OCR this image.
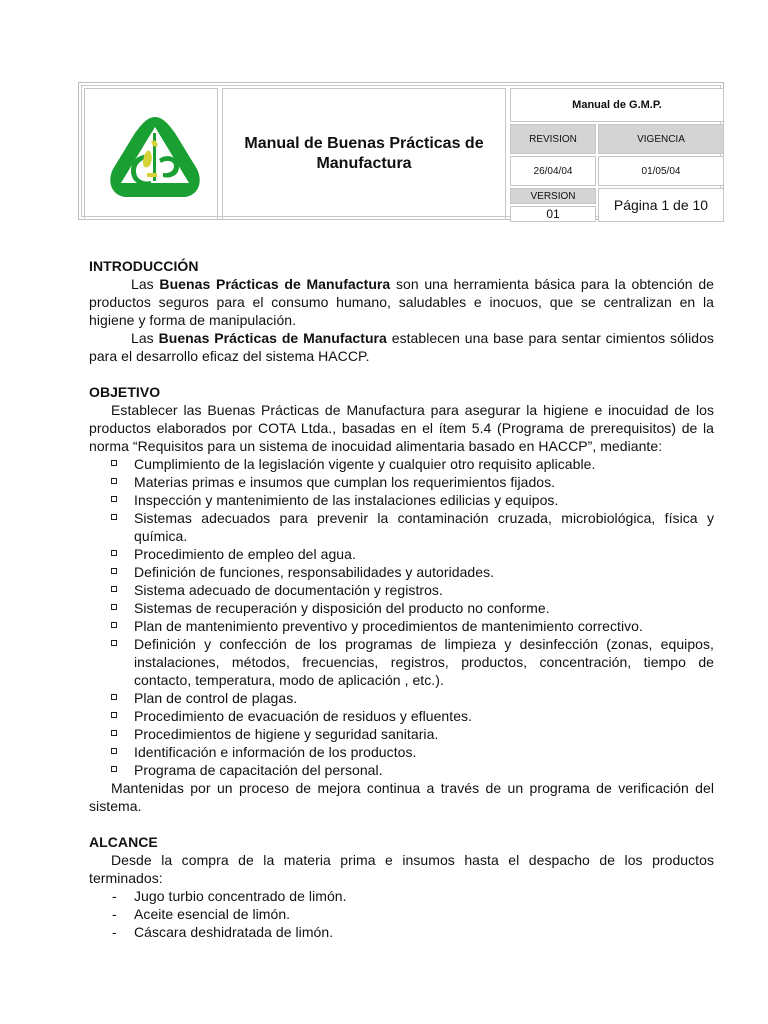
Manual de Buenas Prácticas de Manufactura
Manual de G.M.P.
REVISION	VIGENCIA
26/04/04	01/05/04
VERSION
01
Página 1 de 10

INTRODUCCIÓN

Las Buenas Prácticas de Manufactura son una herramienta básica para la obtención de productos seguros para el consumo humano, saludables e inocuos, que se centralizan en la higiene y forma de manipulación.

Las Buenas Prácticas de Manufactura establecen una base para sentar cimientos sólidos para el desarrollo eficaz del sistema HACCP.

OBJETIVO

Establecer las Buenas Prácticas de Manufactura para asegurar la higiene e inocuidad de los productos elaborados por COTA Ltda., basadas en el ítem 5.4 (Programa de prerequisitos) de la norma “Requisitos para un sistema de inocuidad alimentaria basado en HACCP”, mediante:

Cumplimiento de la legislación vigente y cualquier otro requisito aplicable.
Materias primas e insumos que cumplan los requerimientos fijados.
Inspección y mantenimiento de las instalaciones edilicias y equipos.
Sistemas adecuados para prevenir la contaminación cruzada, microbiológica, física y química.
Procedimiento de empleo del agua.
Definición de funciones, responsabilidades y autoridades.
Sistema adecuado de documentación y registros.
Sistemas de recuperación y disposición del producto no conforme.
Plan de mantenimiento preventivo y procedimientos de mantenimiento correctivo.
Definición y confección de los programas de limpieza y desinfección (zonas, equipos, instalaciones, métodos, frecuencias, registros, productos, concentración, tiempo de contacto, temperatura, modo de aplicación , etc.).
Plan de control de plagas.
Procedimiento de evacuación de residuos y efluentes.
Procedimientos de higiene y seguridad sanitaria.
Identificación e información de los productos.
Programa de capacitación del personal.

Mantenidas por un proceso de mejora continua a través de un programa de verificación del sistema.

ALCANCE

Desde la compra de la materia prima e insumos hasta el despacho de los productos terminados:

- Jugo turbio concentrado de limón.
- Aceite esencial de limón.
- Cáscara deshidratada de limón.
